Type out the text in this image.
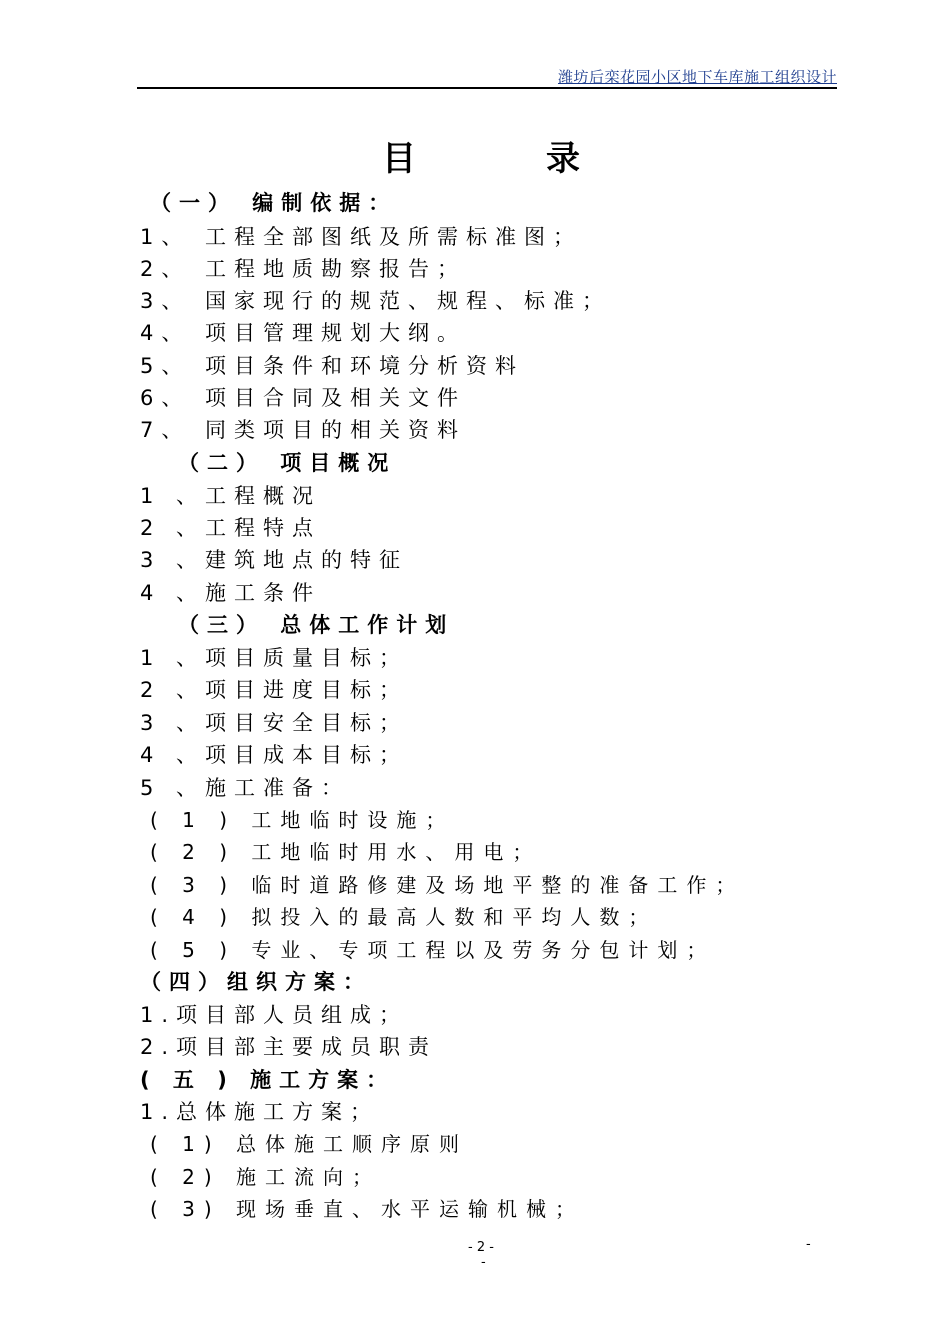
潍坊后栾花园小区地下车库施工组织设计
目	录
（一） 编制依据：
1、 工程全部图纸及所需标准图；
2、 工程地质勘察报告；
3、 国家现行的规范、规程、标准；
4、 项目管理规划大纲。
5、 项目条件和环境分析资料
6、 项目合同及相关文件
7、 同类项目的相关资料
（二） 项目概况
1 、工程概况
2 、工程特点
3 、建筑地点的特征
4 、施工条件
（三） 总体工作计划
1 、项目质量目标；
2 、项目进度目标；
3 、项目安全目标；
4 、项目成本目标；
5 、施工准备：
( 1 ) 工地临时设施；
( 2 ) 工地临时用水、用电；
( 3 ) 临时道路修建及场地平整的准备工作；
( 4 ) 拟投入的最高人数和平均人数；
( 5 ) 专业、专项工程以及劳务分包计划；
（四）组织方案：
1.项目部人员组成；
2.项目部主要成员职责
( 五 ) 施工方案：
1.总体施工方案；
( 1) 总体施工顺序原则
( 2) 施工流向；
( 3) 现场垂直、水平运输机械；
- 2 -	-
-
